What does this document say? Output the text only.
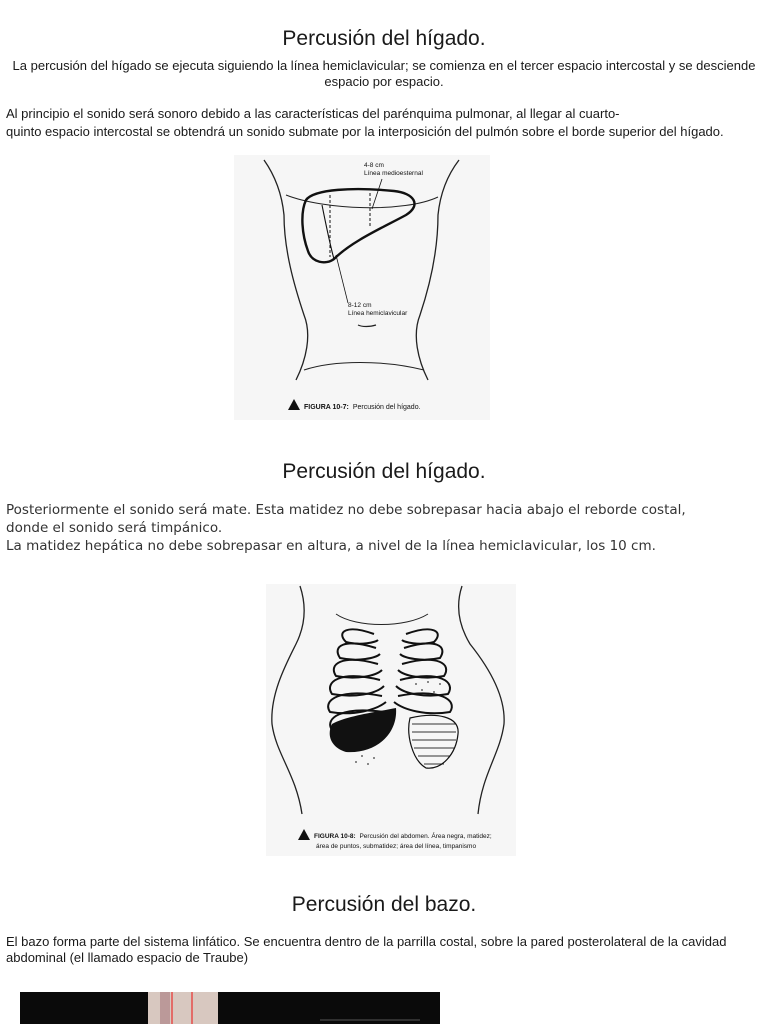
Percusión del hígado.

La percusión del hígado se ejecuta siguiendo la línea hemiclavicular; se comienza en el tercer espacio intercostal y se desciende espacio por espacio.

Al principio el sonido será sonoro debido a las características del parénquima pulmonar, al llegar al cuarto-

quinto espacio intercostal se obtendrá un sonido submate por la interposición del pulmón sobre el borde superior del hígado.

4-8 cm
Línea medioesternal
8-12 cm
Línea hemiclavicular
FIGURA 10-7: Percusión del hígado.
Percusión del hígado.

Posteriormente el sonido será mate. Esta matidez no debe sobrepasar hacia abajo el reborde costal,

donde el sonido será timpánico.

La matidez hepática no debe sobrepasar en altura, a nivel de la línea hemiclavicular, los 10 cm.

FIGURA 10-8: Percusión del abdomen. Área negra, matidez;
área de puntos, submatidez; área del línea, timpanismo
Percusión del bazo.

El bazo forma parte del sistema linfático. Se encuentra dentro de la parrilla costal, sobre la pared posterolateral de la cavidad abdominal (el llamado espacio de Traube)
